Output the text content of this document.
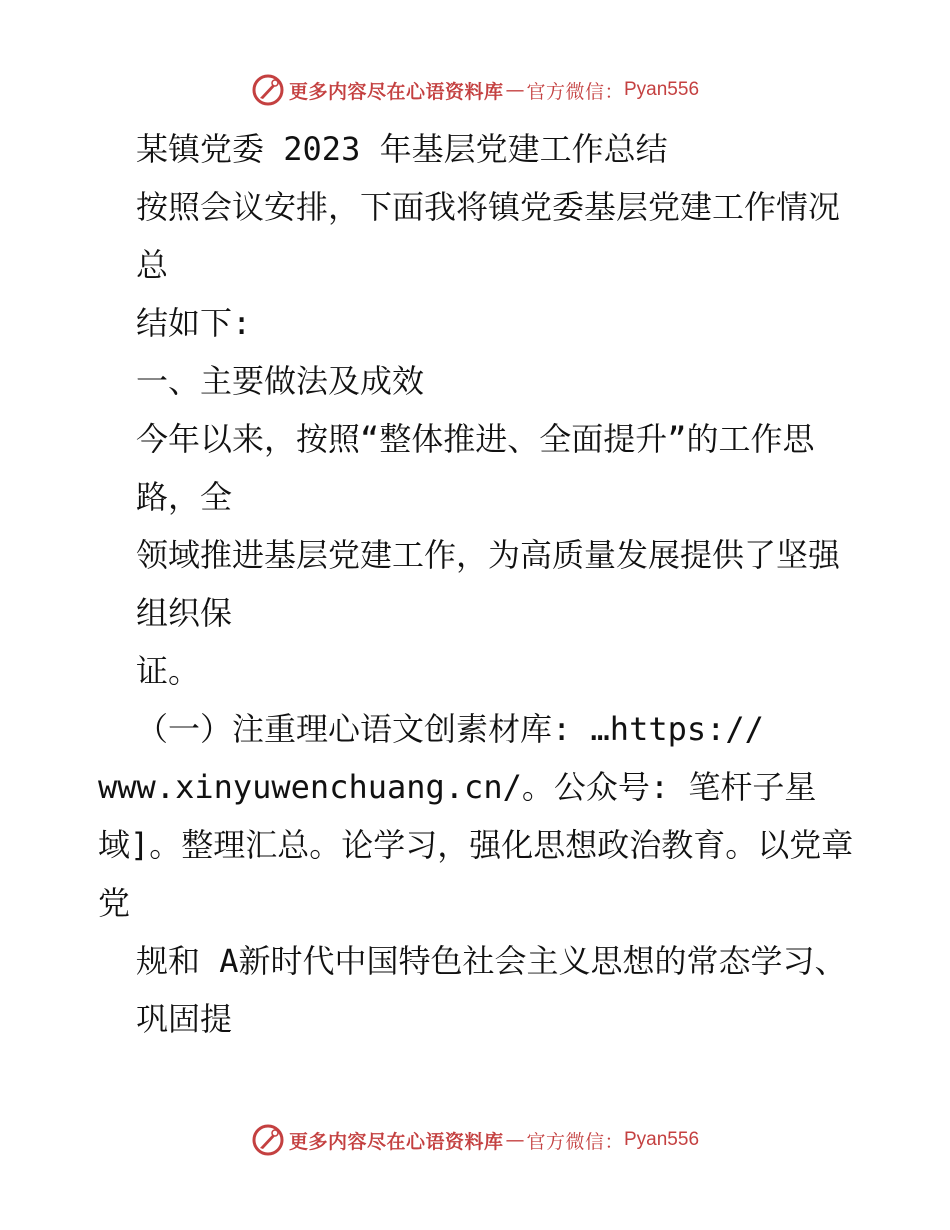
更多内容尽在心语资料库 — 官方微信： Pyan556

某镇党委 2023 年基层党建工作总结

按照会议安排，下面我将镇党委基层党建工作情况总

结如下:

一、主要做法及成效

今年以来，按照“整体推进、全面提升”的工作思路，全

领域推进基层党建工作，为高质量发展提供了坚强组织保

证。

（一）注重理心语文创素材库: …https://

www.xinyuwenchuang.cn/。公众号: 笔杆子星

域]。整理汇总。论学习，强化思想政治教育。以党章党

规和 A新时代中国特色社会主义思想的常态学习、巩固提

更多内容尽在心语资料库 — 官方微信： Pyan556
